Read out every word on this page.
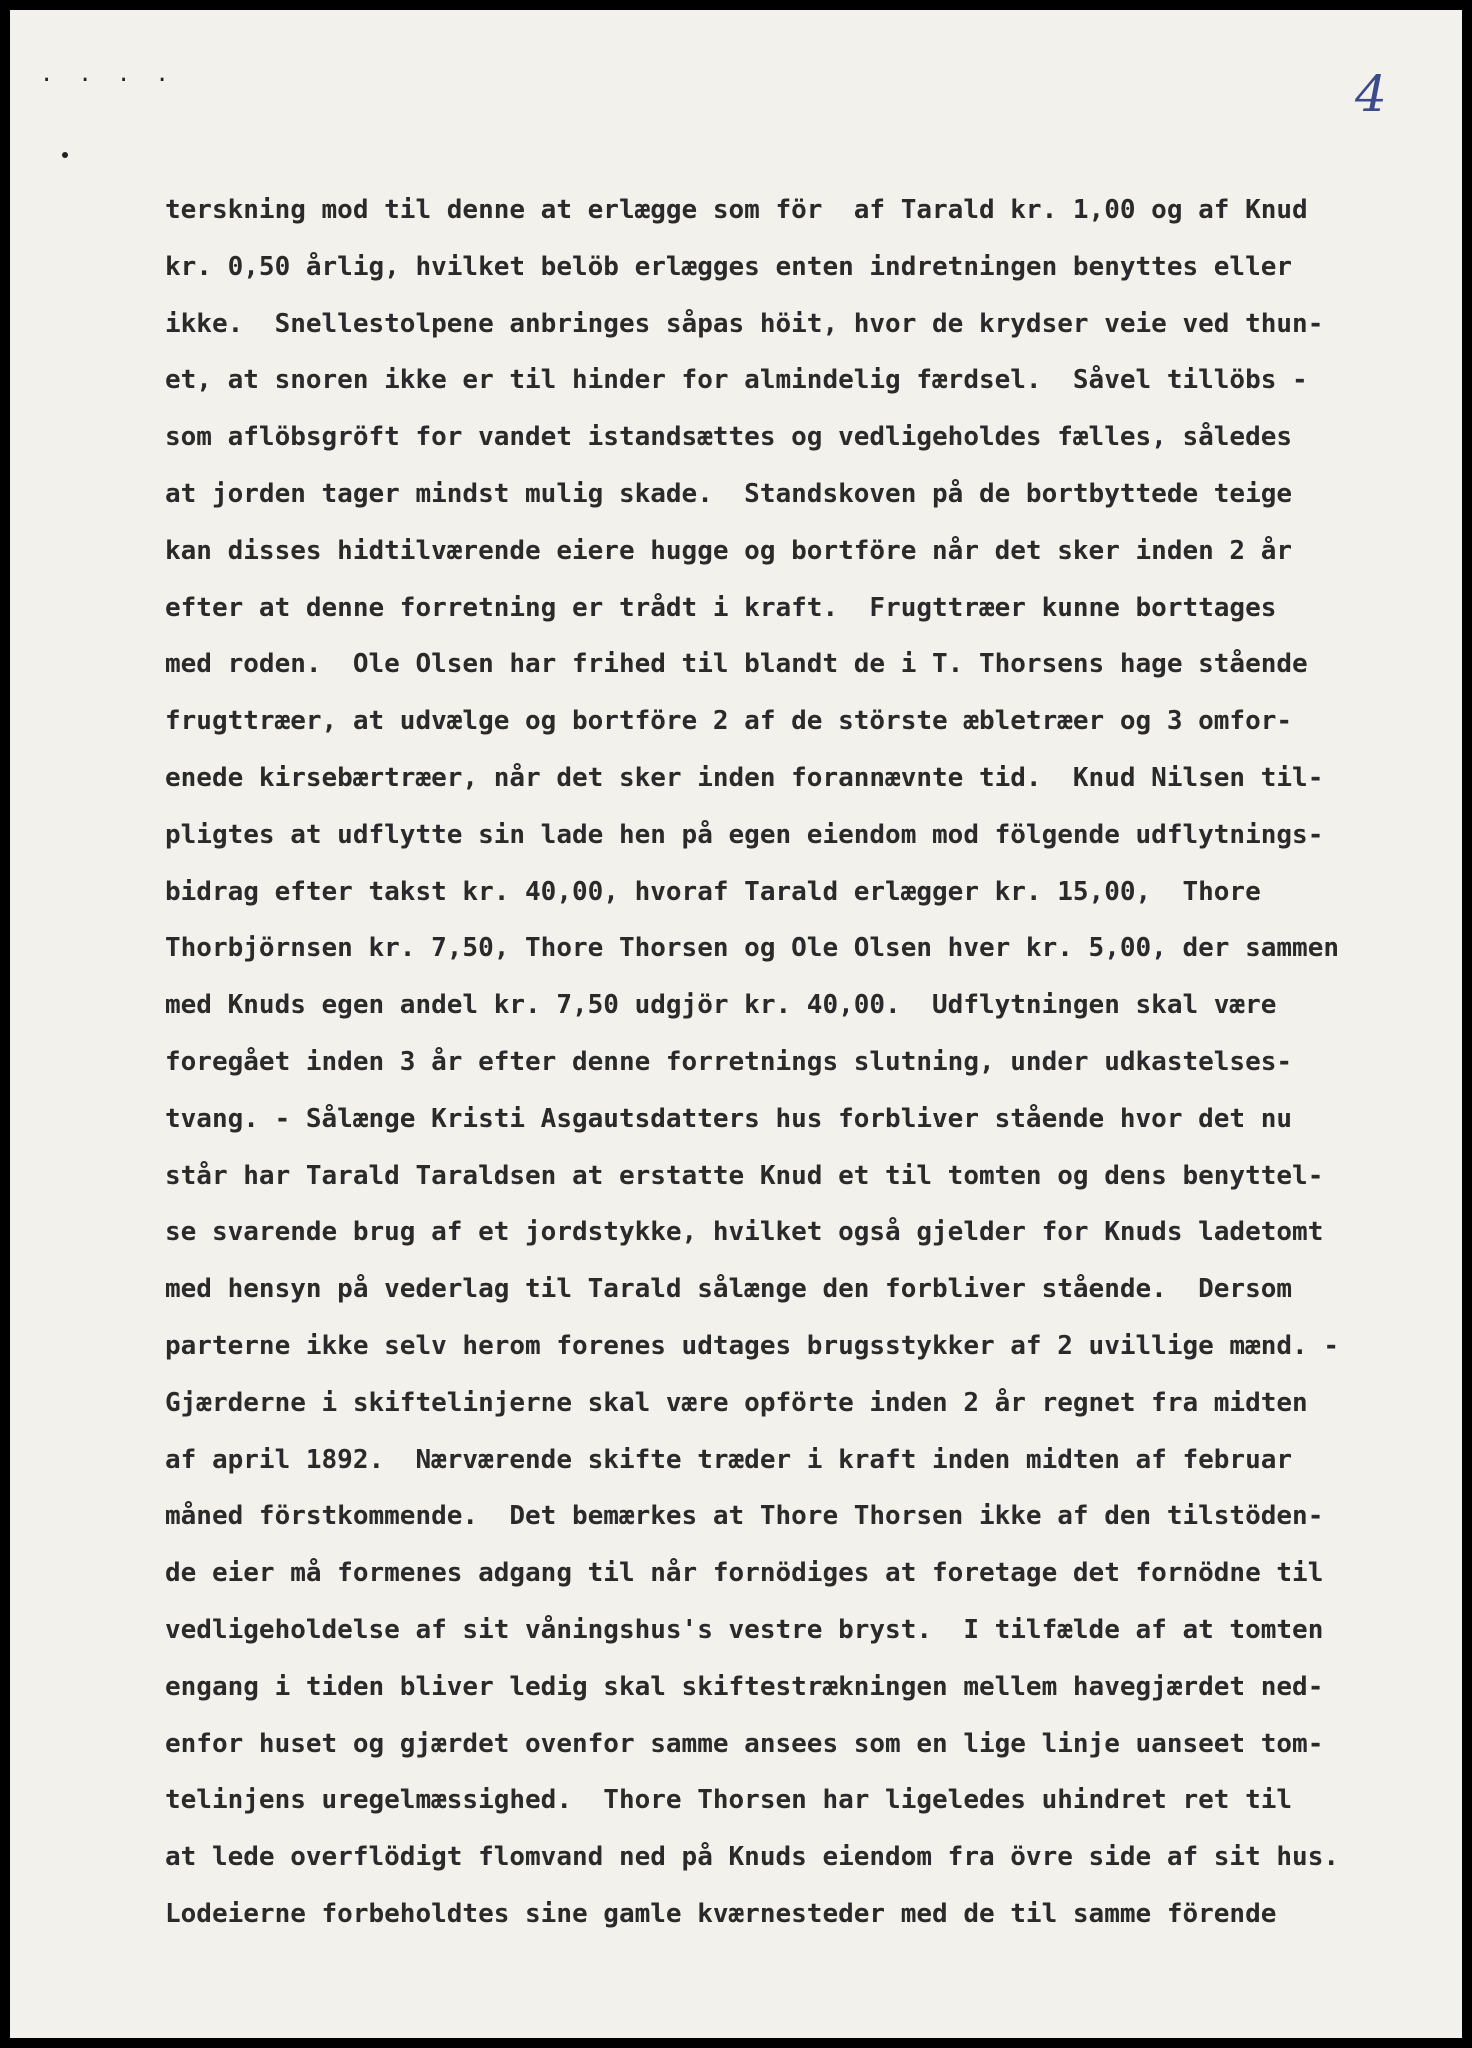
. . . .	4
terskning mod til denne at erlægge som för  af Tarald kr. 1,00 og af Knud
kr. 0,50 årlig, hvilket belöb erlægges enten indretningen benyttes eller
ikke.  Snellestolpene anbringes såpas höit, hvor de krydser veie ved thun-
et, at snoren ikke er til hinder for almindelig færdsel.  Såvel tillöbs -
som aflöbsgröft for vandet istandsættes og vedligeholdes fælles, således
at jorden tager mindst mulig skade.  Standskoven på de bortbyttede teige
kan disses hidtilværende eiere hugge og bortföre når det sker inden 2 år
efter at denne forretning er trådt i kraft.  Frugttræer kunne borttages
med roden.  Ole Olsen har frihed til blandt de i T. Thorsens hage stående
frugttræer, at udvælge og bortföre 2 af de störste æbletræer og 3 omfor-
enede kirsebærtræer, når det sker inden forannævnte tid.  Knud Nilsen til-
pligtes at udflytte sin lade hen på egen eiendom mod fölgende udflytnings-
bidrag efter takst kr. 40,00, hvoraf Tarald erlægger kr. 15,00,  Thore
Thorbjörnsen kr. 7,50, Thore Thorsen og Ole Olsen hver kr. 5,00, der sammen
med Knuds egen andel kr. 7,50 udgjör kr. 40,00.  Udflytningen skal være
foregået inden 3 år efter denne forretnings slutning, under udkastelses-
tvang. - Sålænge Kristi Asgautsdatters hus forbliver stående hvor det nu
står har Tarald Taraldsen at erstatte Knud et til tomten og dens benyttel-
se svarende brug af et jordstykke, hvilket også gjelder for Knuds ladetomt
med hensyn på vederlag til Tarald sålænge den forbliver stående.  Dersom
parterne ikke selv herom forenes udtages brugsstykker af 2 uvillige mænd. -
Gjærderne i skiftelinjerne skal være opförte inden 2 år regnet fra midten
af april 1892.  Nærværende skifte træder i kraft inden midten af februar
måned förstkommende.  Det bemærkes at Thore Thorsen ikke af den tilstöden-
de eier må formenes adgang til når fornödiges at foretage det fornödne til
vedligeholdelse af sit våningshus's vestre bryst.  I tilfælde af at tomten
engang i tiden bliver ledig skal skiftestrækningen mellem havegjærdet ned-
enfor huset og gjærdet ovenfor samme ansees som en lige linje uanseet tom-
telinjens uregelmæssighed.  Thore Thorsen har ligeledes uhindret ret til
at lede overflödigt flomvand ned på Knuds eiendom fra övre side af sit hus.
Lodeierne forbeholdtes sine gamle kværnesteder med de til samme förende
